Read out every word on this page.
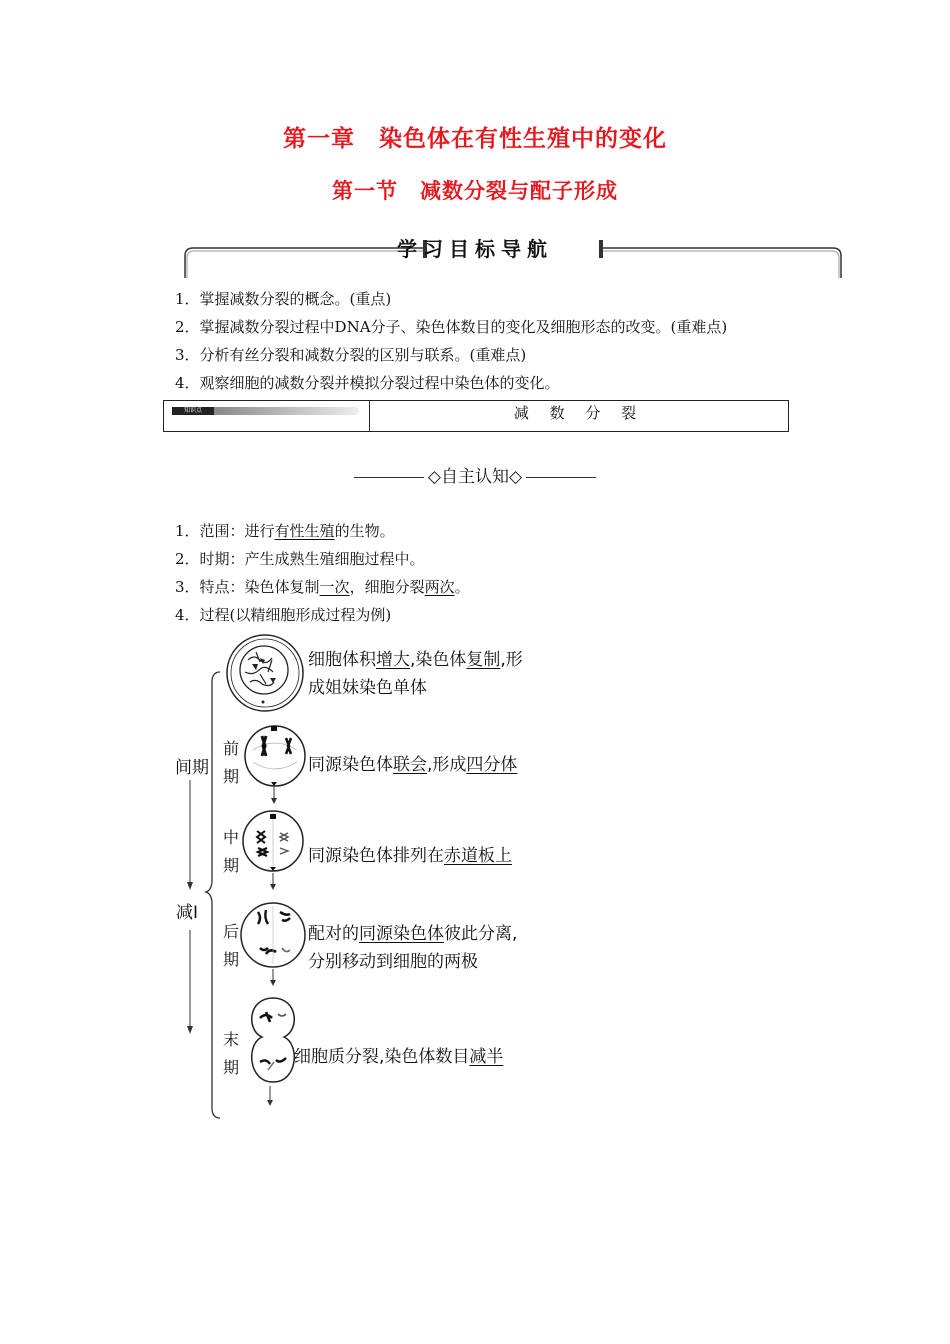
第一章　染色体在有性生殖中的变化
第一节　减数分裂与配子形成
学习目标导航
1．掌握减数分裂的概念。(重点)
2．掌握减数分裂过程中DNA分子、染色体数目的变化及细胞形态的改变。(重难点)
3．分析有丝分裂和减数分裂的区别与联系。(重难点)
4．观察细胞的减数分裂并模拟分裂过程中染色体的变化。
知识点	减 数 分 裂
◇自主认知◇
1．范围：进行有性生殖的生物。
2．时期：产生成熟生殖细胞过程中。
3．特点：染色体复制一次，细胞分裂两次。
4．过程(以精细胞形成过程为例)
间期
减Ⅰ
细胞体积增大,染色体复制,形
成姐妹染色单体
前
期
同源染色体联会,形成四分体
中
期	同源染色体排列在赤道板上
后
期
配对的同源染色体彼此分离,
分别移动到细胞的两极
末
期
细胞质分裂,染色体数目减半
